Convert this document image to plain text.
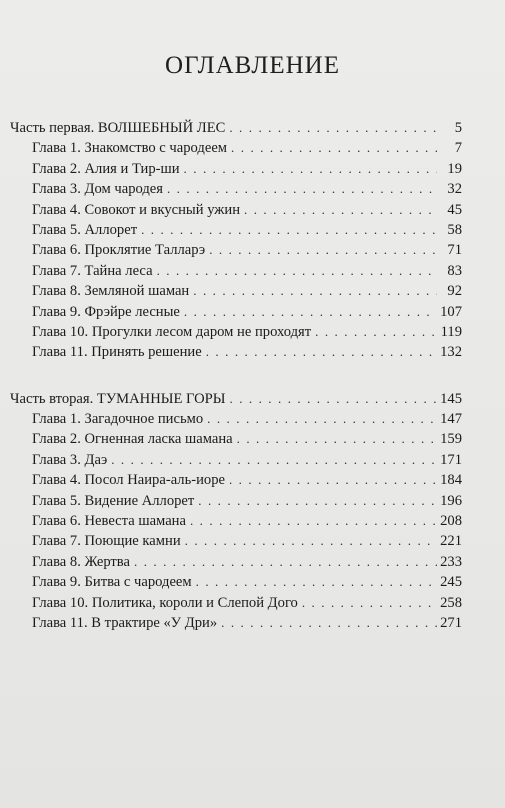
ОГЛАВЛЕНИЕ
Часть первая. ВОЛШЕБНЫЙ ЛЕС . . .	5
Глава 1. Знакомство с чародеем . . .	7
Глава 2. Алия и Тир-ши . . .	19
Глава 3. Дом чародея . . .	32
Глава 4. Совокот и вкусный ужин . . .	45
Глава 5. Аллорет . . .	58
Глава 6. Проклятие Талларэ . . .	71
Глава 7. Тайна леса . . .	83
Глава 8. Земляной шаман . . .	92
Глава 9. Фрэйре лесные . . .	107
Глава 10. Прогулки лесом даром не проходят . . .	119
Глава 11. Принять решение . . .	132
Часть вторая. ТУМАННЫЕ ГОРЫ . . .	145
Глава 1. Загадочное письмо . . .	147
Глава 2. Огненная ласка шамана . . .	159
Глава 3. Даэ . . .	171
Глава 4. Посол Наира-аль-иоре . . .	184
Глава 5. Видение Аллорет . . .	196
Глава 6. Невеста шамана . . .	208
Глава 7. Поющие камни . . .	221
Глава 8. Жертва . . .	233
Глава 9. Битва с чародеем . . .	245
Глава 10. Политика, короли и Слепой Дого . . .	258
Глава 11. В трактире «У Дри» . . .	271
